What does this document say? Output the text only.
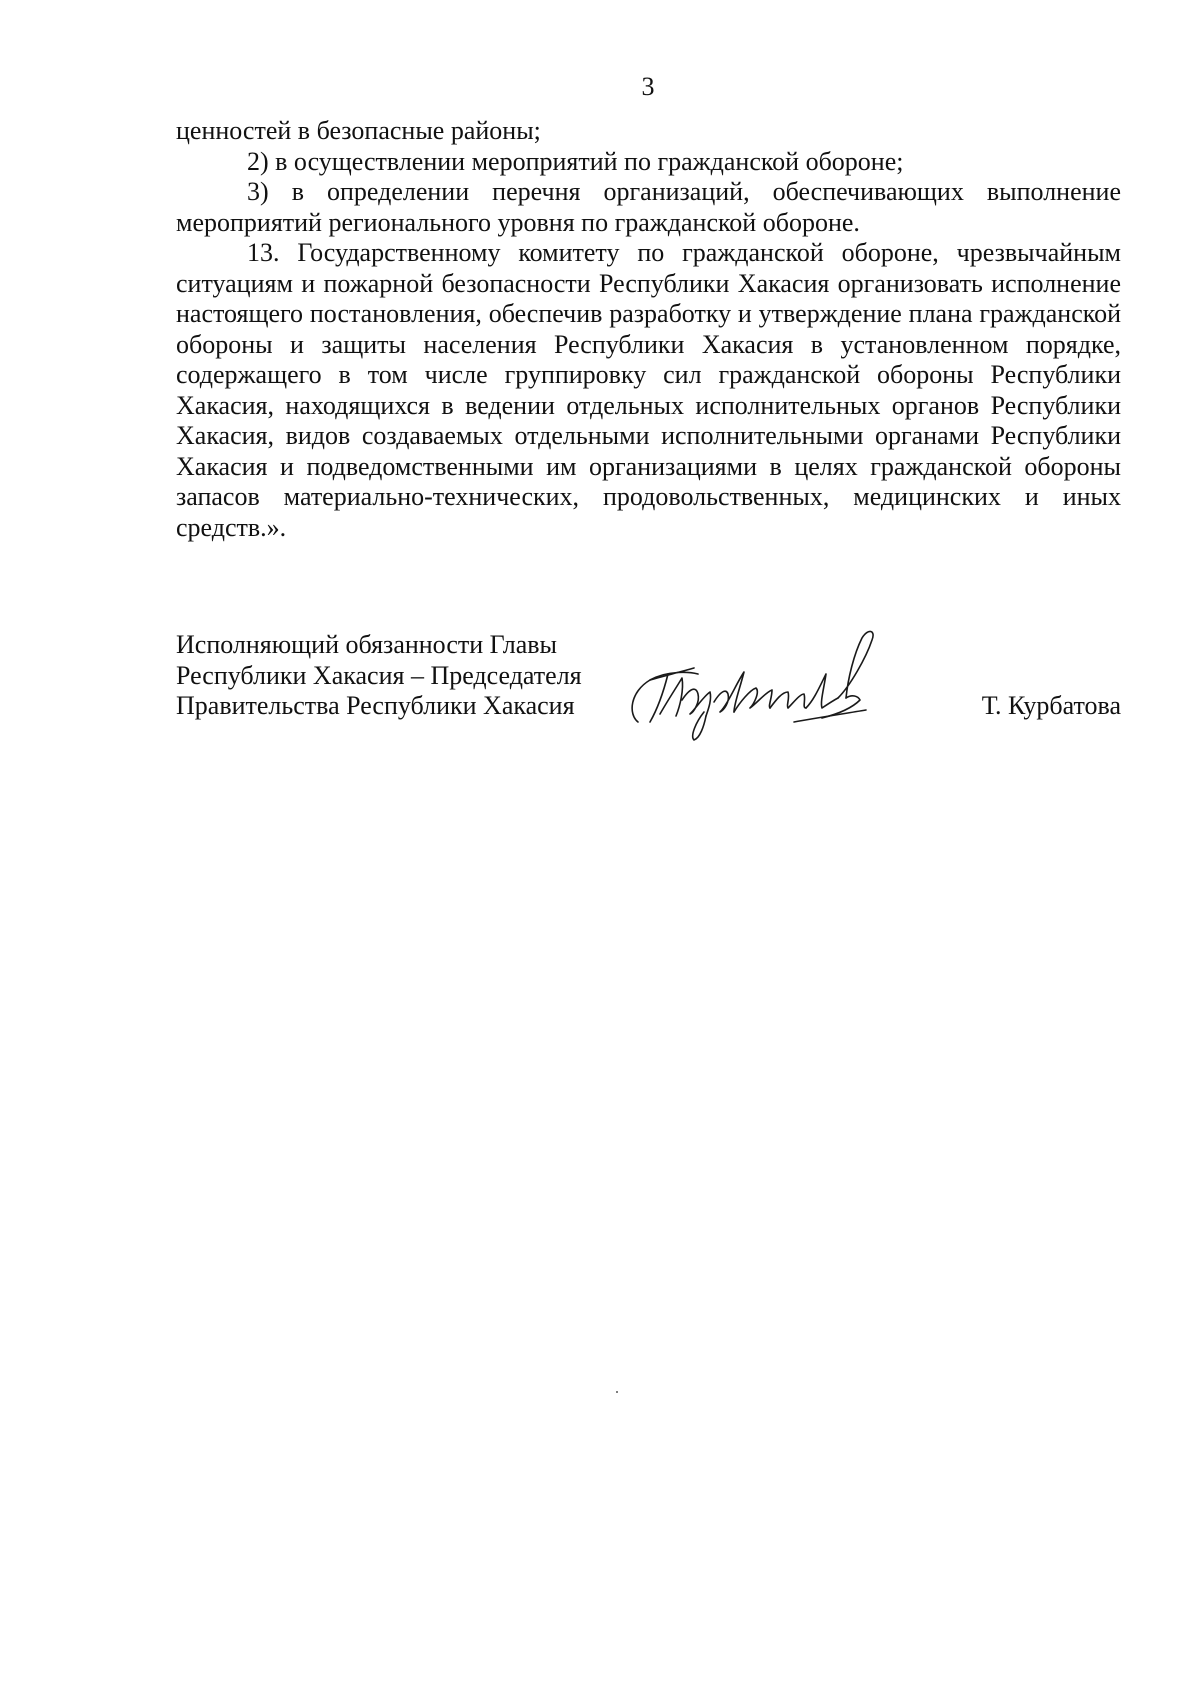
3

ценностей в безопасные районы;

2) в осуществлении мероприятий по гражданской обороне;

3) в определении перечня организаций, обеспечивающих выполнение мероприятий регионального уровня по гражданской обороне.

13. Государственному комитету по гражданской обороне, чрезвычайным ситуациям и пожарной безопасности Республики Хакасия организовать исполнение настоящего постановления, обеспечив разработку и утверждение плана гражданской обороны и защиты населения Республики Хакасия в установленном порядке, содержащего в том числе группировку сил гражданской обороны Республики Хакасия, находящихся в ведении отдельных исполнительных органов Республики Хакасия, видов создаваемых отдельными исполнительными органами Республики Хакасия и подведомственными им организациями в целях гражданской обороны запасов материально-технических, продовольственных, медицинских и иных средств.».

Исполняющий обязанности Главы
Республики Хакасия – Председателя
Правительства Республики Хакасия	Т. Курбатова
